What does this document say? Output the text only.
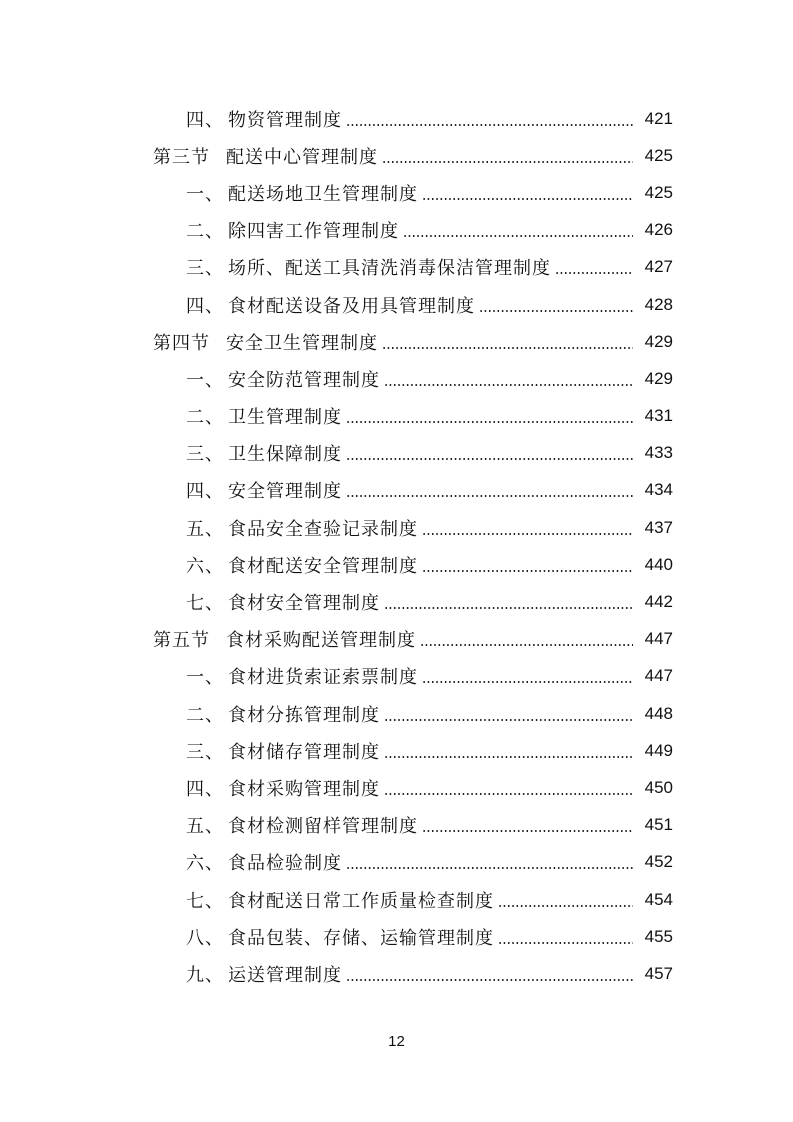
四、 物资管理制度	421
第三节 配送中心管理制度	425
一、 配送场地卫生管理制度	425
二、 除四害工作管理制度	426
三、 场所、配送工具清洗消毒保洁管理制度	427
四、 食材配送设备及用具管理制度	428
第四节 安全卫生管理制度	429
一、 安全防范管理制度	429
二、 卫生管理制度	431
三、 卫生保障制度	433
四、 安全管理制度	434
五、 食品安全查验记录制度	437
六、 食材配送安全管理制度	440
七、 食材安全管理制度	442
第五节 食材采购配送管理制度	447
一、 食材进货索证索票制度	447
二、 食材分拣管理制度	448
三、 食材储存管理制度	449
四、 食材采购管理制度	450
五、 食材检测留样管理制度	451
六、 食品检验制度	452
七、 食材配送日常工作质量检查制度	454
八、 食品包装、存储、运输管理制度	455
九、 运送管理制度	457
12
